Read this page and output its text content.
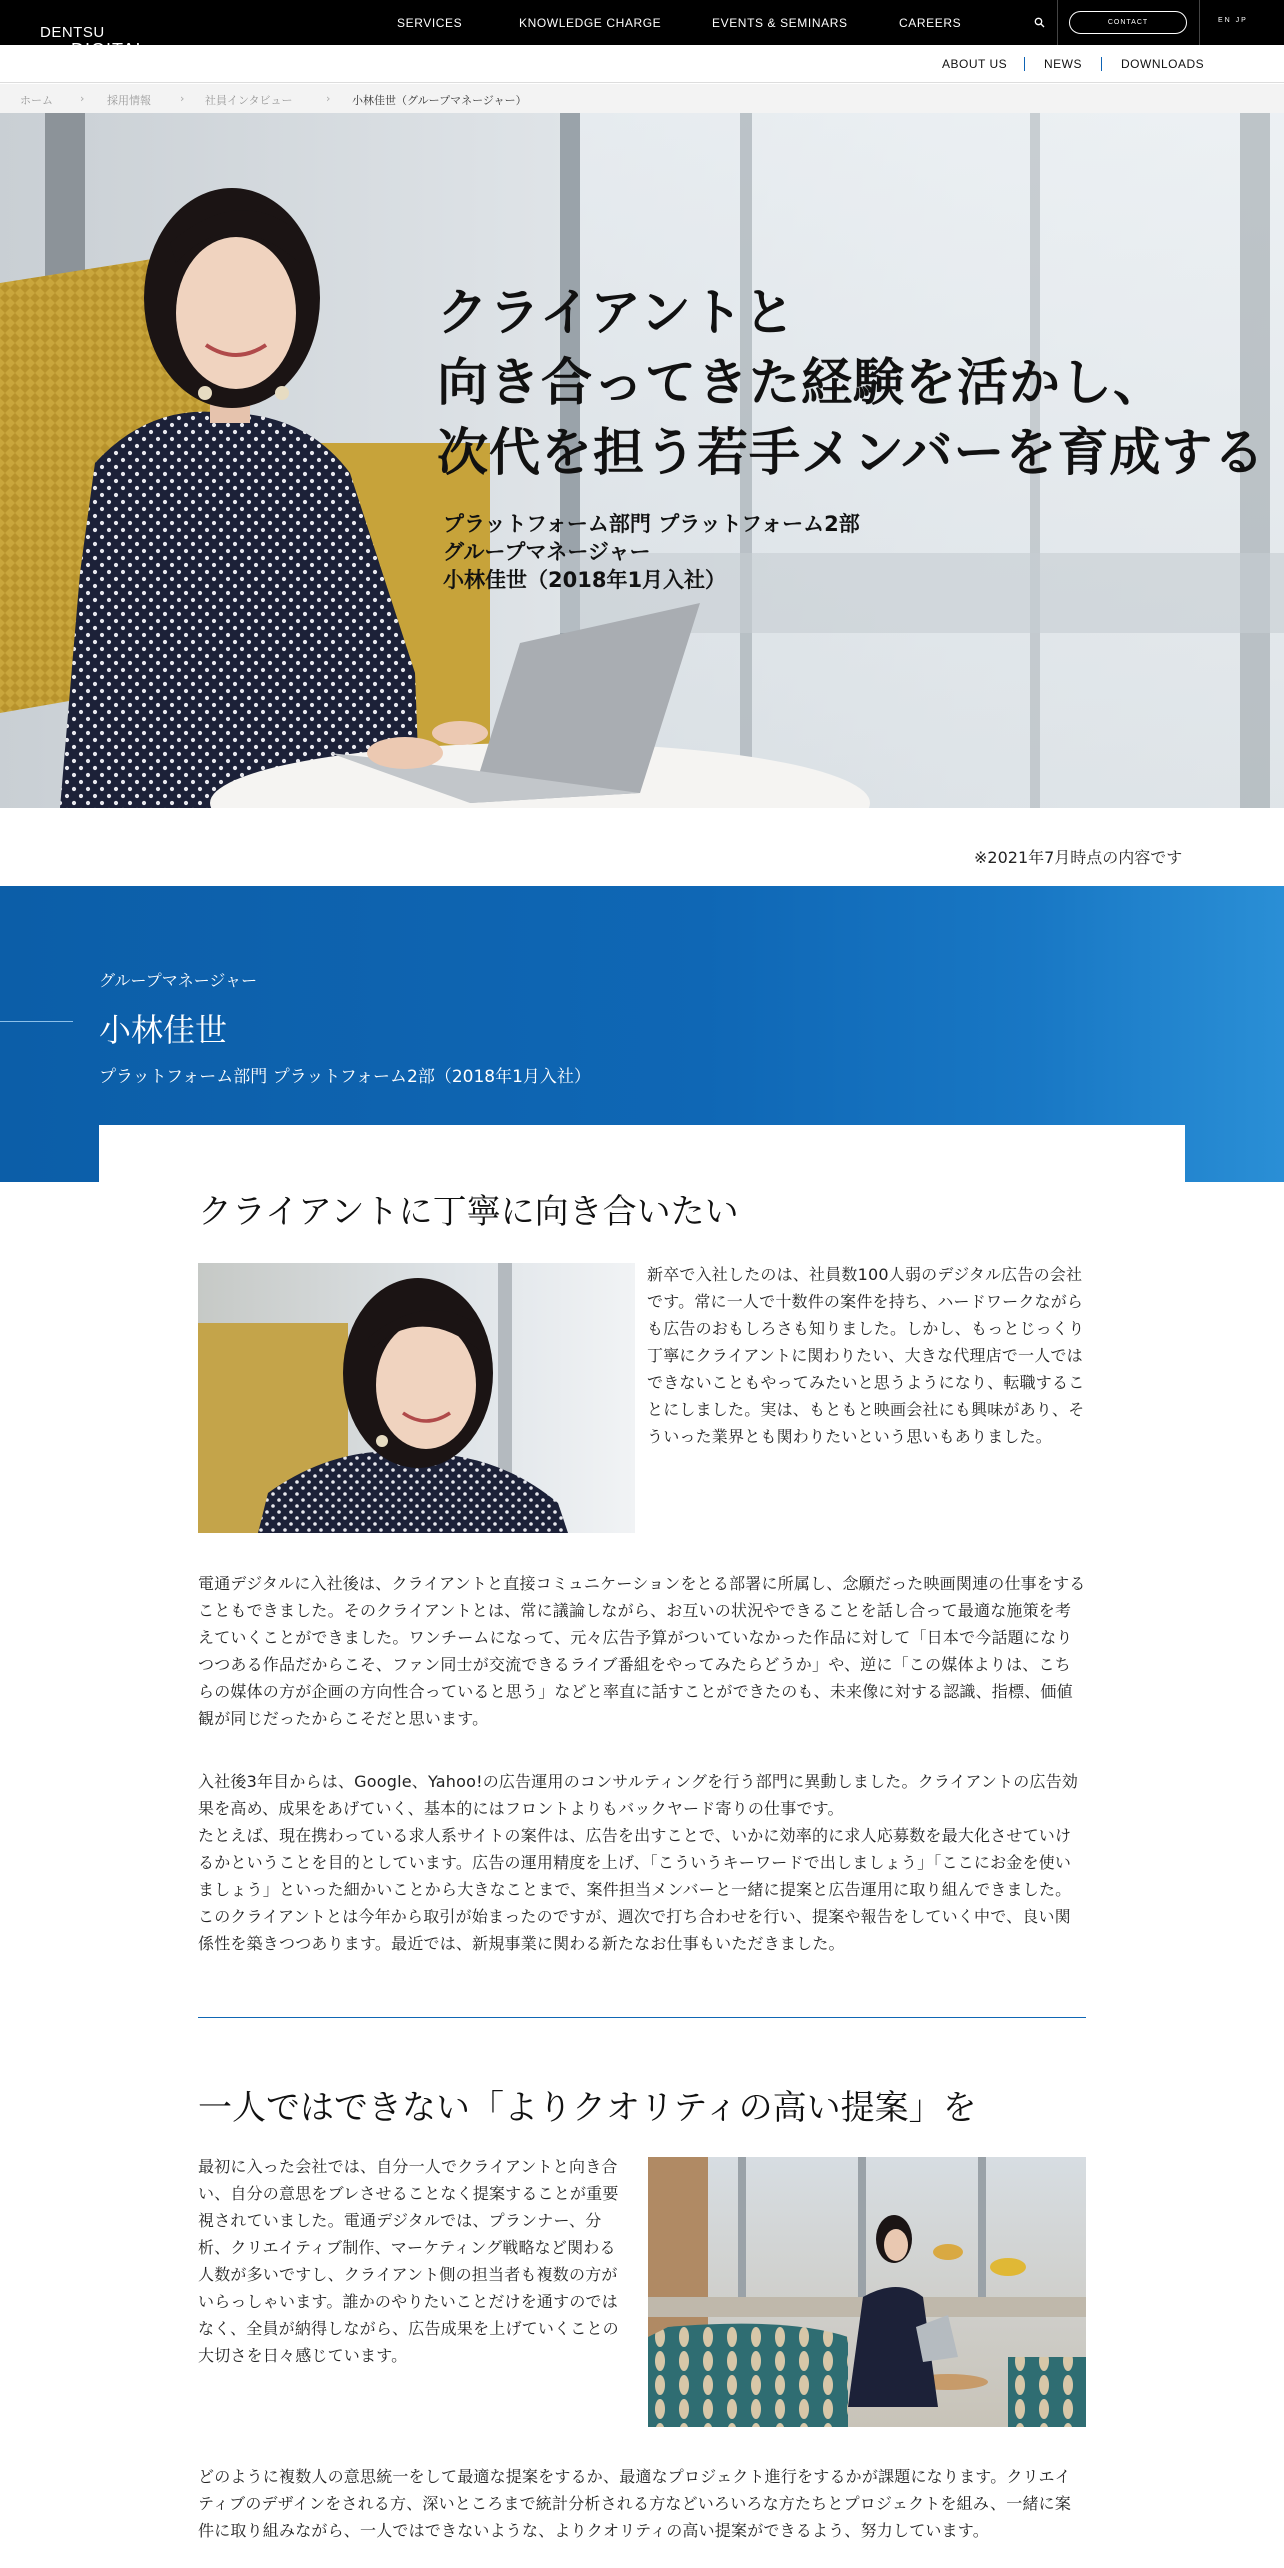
DENTSU
SERVICES	KNOWLEDGE CHARGE	EVENTS & SEMINARS	CAREERS	CONTACT	EN JP
ABOUT US	NEWS	DOWNLOADS
ホーム › 採用情報	› 社員インタビュー	› 小林佳世（グループマネージャー）
クライアントと
向き合ってきた経験を活かし、
次代を担う若手メンバーを育成する
プラットフォーム部門 プラットフォーム2部
グループマネージャー
小林佳世（2018年1月入社）
※2021年7月時点の内容です
グループマネージャー
小林佳世
プラットフォーム部門 プラットフォーム2部（2018年1月入社）
クライアントに丁寧に向き合いたい
新卒で入社したのは、社員数100人弱のデジタル広告の会社です。常に一人で十数件の案件を持ち、ハードワークながらも広告のおもしろさも知りました。しかし、もっとじっくり丁寧にクライアントに関わりたい、大きな代理店で一人ではできないこともやってみたいと思うようになり、転職することにしました。実は、もともと映画会社にも興味があり、そういった業界とも関わりたいという思いもありました。
電通デジタルに入社後は、クライアントと直接コミュニケーションをとる部署に所属し、念願だった映画関連の仕事をすることもできました。そのクライアントとは、常に議論しながら、お互いの状況やできることを話し合って最適な施策を考えていくことができました。ワンチームになって、元々広告予算がついていなかった作品に対して「日本で今話題になりつつある作品だからこそ、ファン同士が交流できるライブ番組をやってみたらどうか」や、逆に「この媒体よりは、こちらの媒体の方が企画の方向性合っていると思う」などと率直に話すことができたのも、未来像に対する認識、指標、価値観が同じだったからこそだと思います。
入社後3年目からは、Google、Yahoo!の広告運用のコンサルティングを行う部門に異動しました。クライアントの広告効果を高め、成果をあげていく、基本的にはフロントよりもバックヤード寄りの仕事です。
たとえば、現在携わっている求人系サイトの案件は、広告を出すことで、いかに効率的に求人応募数を最大化させていけるかということを目的としています。広告の運用精度を上げ、「こういうキーワードで出しましょう」「ここにお金を使いましょう」といった細かいことから大きなことまで、案件担当メンバーと一緒に提案と広告運用に取り組んできました。このクライアントとは今年から取引が始まったのですが、週次で打ち合わせを行い、提案や報告をしていく中で、良い関係性を築きつつあります。最近では、新規事業に関わる新たなお仕事もいただきました。
一人ではできない「よりクオリティの高い提案」を
最初に入った会社では、自分一人でクライアントと向き合い、自分の意思をブレさせることなく提案することが重要視されていました。電通デジタルでは、プランナー、分析、クリエイティブ制作、マーケティング戦略など関わる人数が多いですし、クライアント側の担当者も複数の方がいらっしゃいます。誰かのやりたいことだけを通すのではなく、全員が納得しながら、広告成果を上げていくことの大切さを日々感じています。
どのように複数人の意思統一をして最適な提案をするか、最適なプロジェクト進行をするかが課題になります。クリエイティブのデザインをされる方、深いところまで統計分析される方などいろいろな方たちとプロジェクトを組み、一緒に案件に取り組みながら、一人ではできないような、よりクオリティの高い提案ができるよう、努力しています。
